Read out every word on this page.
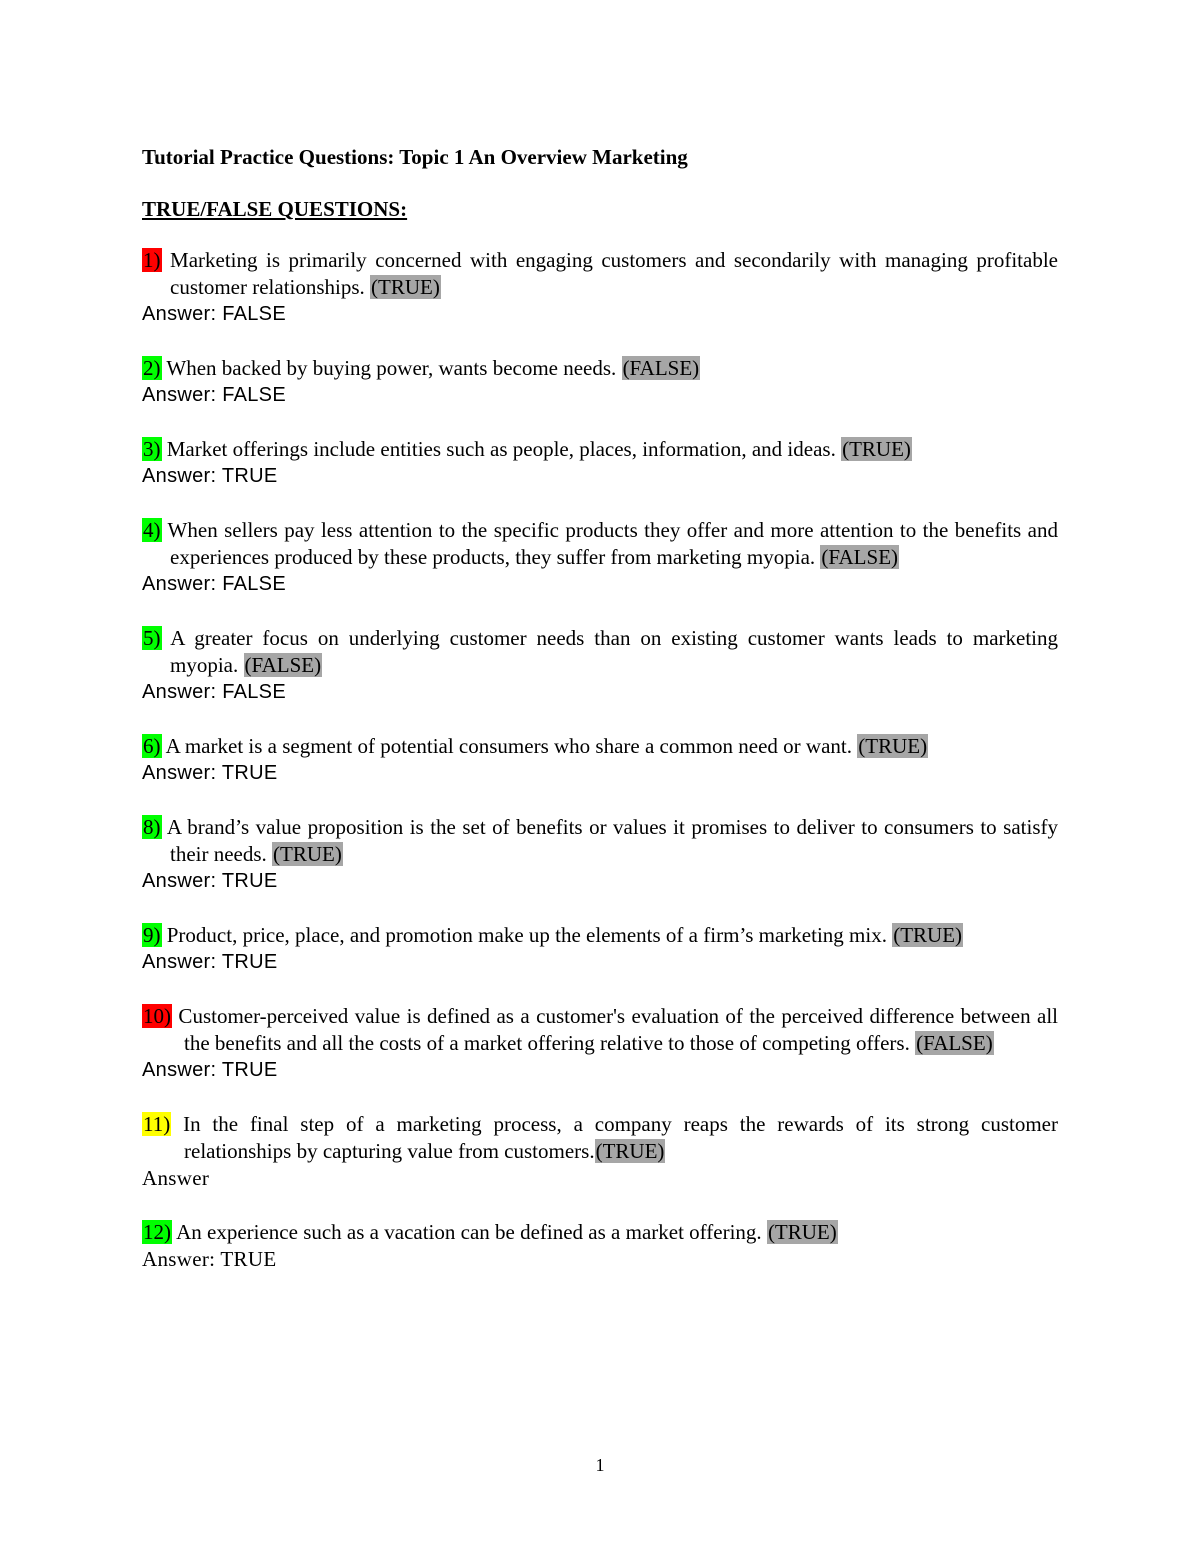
Tutorial Practice Questions: Topic 1 An Overview Marketing
TRUE/FALSE QUESTIONS:
1) Marketing is primarily concerned with engaging customers and secondarily with managing profitable customer relationships. (TRUE)
Answer: FALSE
2) When backed by buying power, wants become needs. (FALSE)
Answer: FALSE
3) Market offerings include entities such as people, places, information, and ideas. (TRUE)
Answer: TRUE
4) When sellers pay less attention to the specific products they offer and more attention to the benefits and experiences produced by these products, they suffer from marketing myopia. (FALSE)
Answer: FALSE
5) A greater focus on underlying customer needs than on existing customer wants leads to marketing myopia. (FALSE)
Answer: FALSE
6) A market is a segment of potential consumers who share a common need or want. (TRUE)
Answer: TRUE
8) A brand’s value proposition is the set of benefits or values it promises to deliver to consumers to satisfy their needs. (TRUE)
Answer: TRUE
9) Product, price, place, and promotion make up the elements of a firm’s marketing mix. (TRUE)
Answer: TRUE
10) Customer-perceived value is defined as a customer's evaluation of the perceived difference between all the benefits and all the costs of a market offering relative to those of competing offers. (FALSE)
Answer: TRUE
11) In the final step of a marketing process, a company reaps the rewards of its strong customer relationships by capturing value from customers.(TRUE)
Answer
12) An experience such as a vacation can be defined as a market offering. (TRUE)
Answer: TRUE
1
